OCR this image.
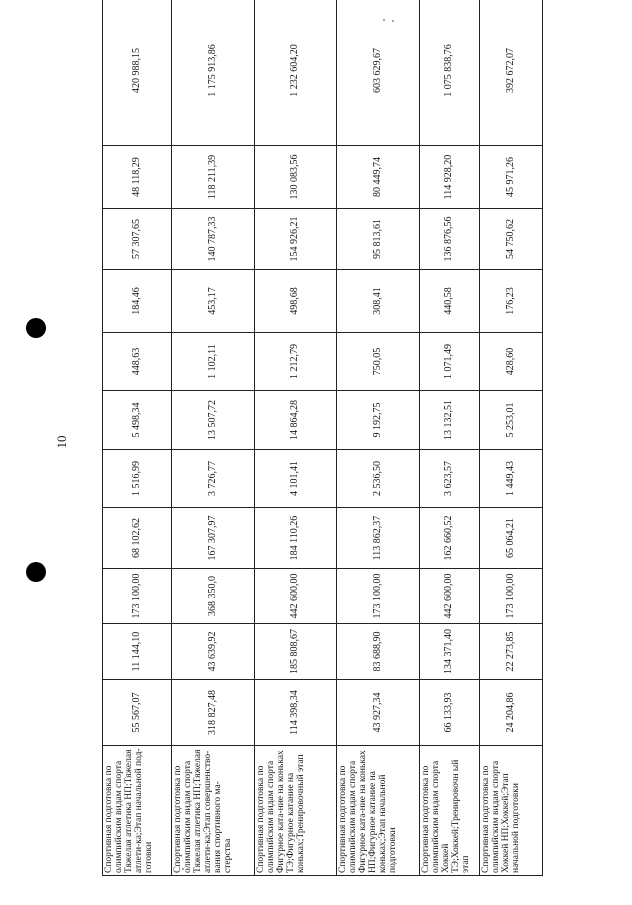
10
Спортивная подготовка по олимпийским видам спорта Тяжелая атлетика НП;Тяжелая атлети-ка;Этап начальной под-готовки	55 567,07	11 144,10	173 100,00	68 102,62	1 516,99	5 498,34	448,63	184,46	57 307,65	48 118,29	420 988,15
Спортивная подготовка по олимпийским видам спорта Тяжелая атлетика НП;Тяжелая атлети-ка;Этап совершенство-вания спортивного ма-стерства	318 827,48	43 639,92	368 350,0	167 307,97	3 726,77	13 507,72	1 102,11	453,17	140 787,33	118 211,39	1 175 913,86
Спортивная подготовка по олимпийским видам спорта Фигурное ката-ние на коньках ТЭ;Фигурное катание на коньках;Тренировочный этап	114 398,34	185 808,67	442 600,00	184 110,26	4 101,41	14 864,28	1 212,79	498,68	154 926,21	130 083,56	1 232 604,20
Спортивная подготовка по олимпийским видам спорта Фигурное ката-ние на коньках НП;Фигурное катание на коньках;Этап начальной подготовки	43 927,34	83 688,90	173 100,00	113 862,37	2 536,50	9 192,75	750,05	308,41	95 813,61	80 449,74	603 629,67
Спортивная подготовка по олимпийским видам спорта Хоккей ТЭ;Хоккей;Тренировочн ый этап	66 133,93	134 371,40	442 600,00	162 660,52	3 623,57	13 132,51	1 071,49	440,58	136 876,56	114 928,20	1 075 838,76
Спортивная подготовка по олимпийским видам спорта Хоккей НП;Хоккей;Этап начальной подготовки	24 204,86	22 273,85	173 100,00	65 064,21	1 449,43	5 253,01	428,60	176,23	54 750,62	45 971,26	392 672,07
